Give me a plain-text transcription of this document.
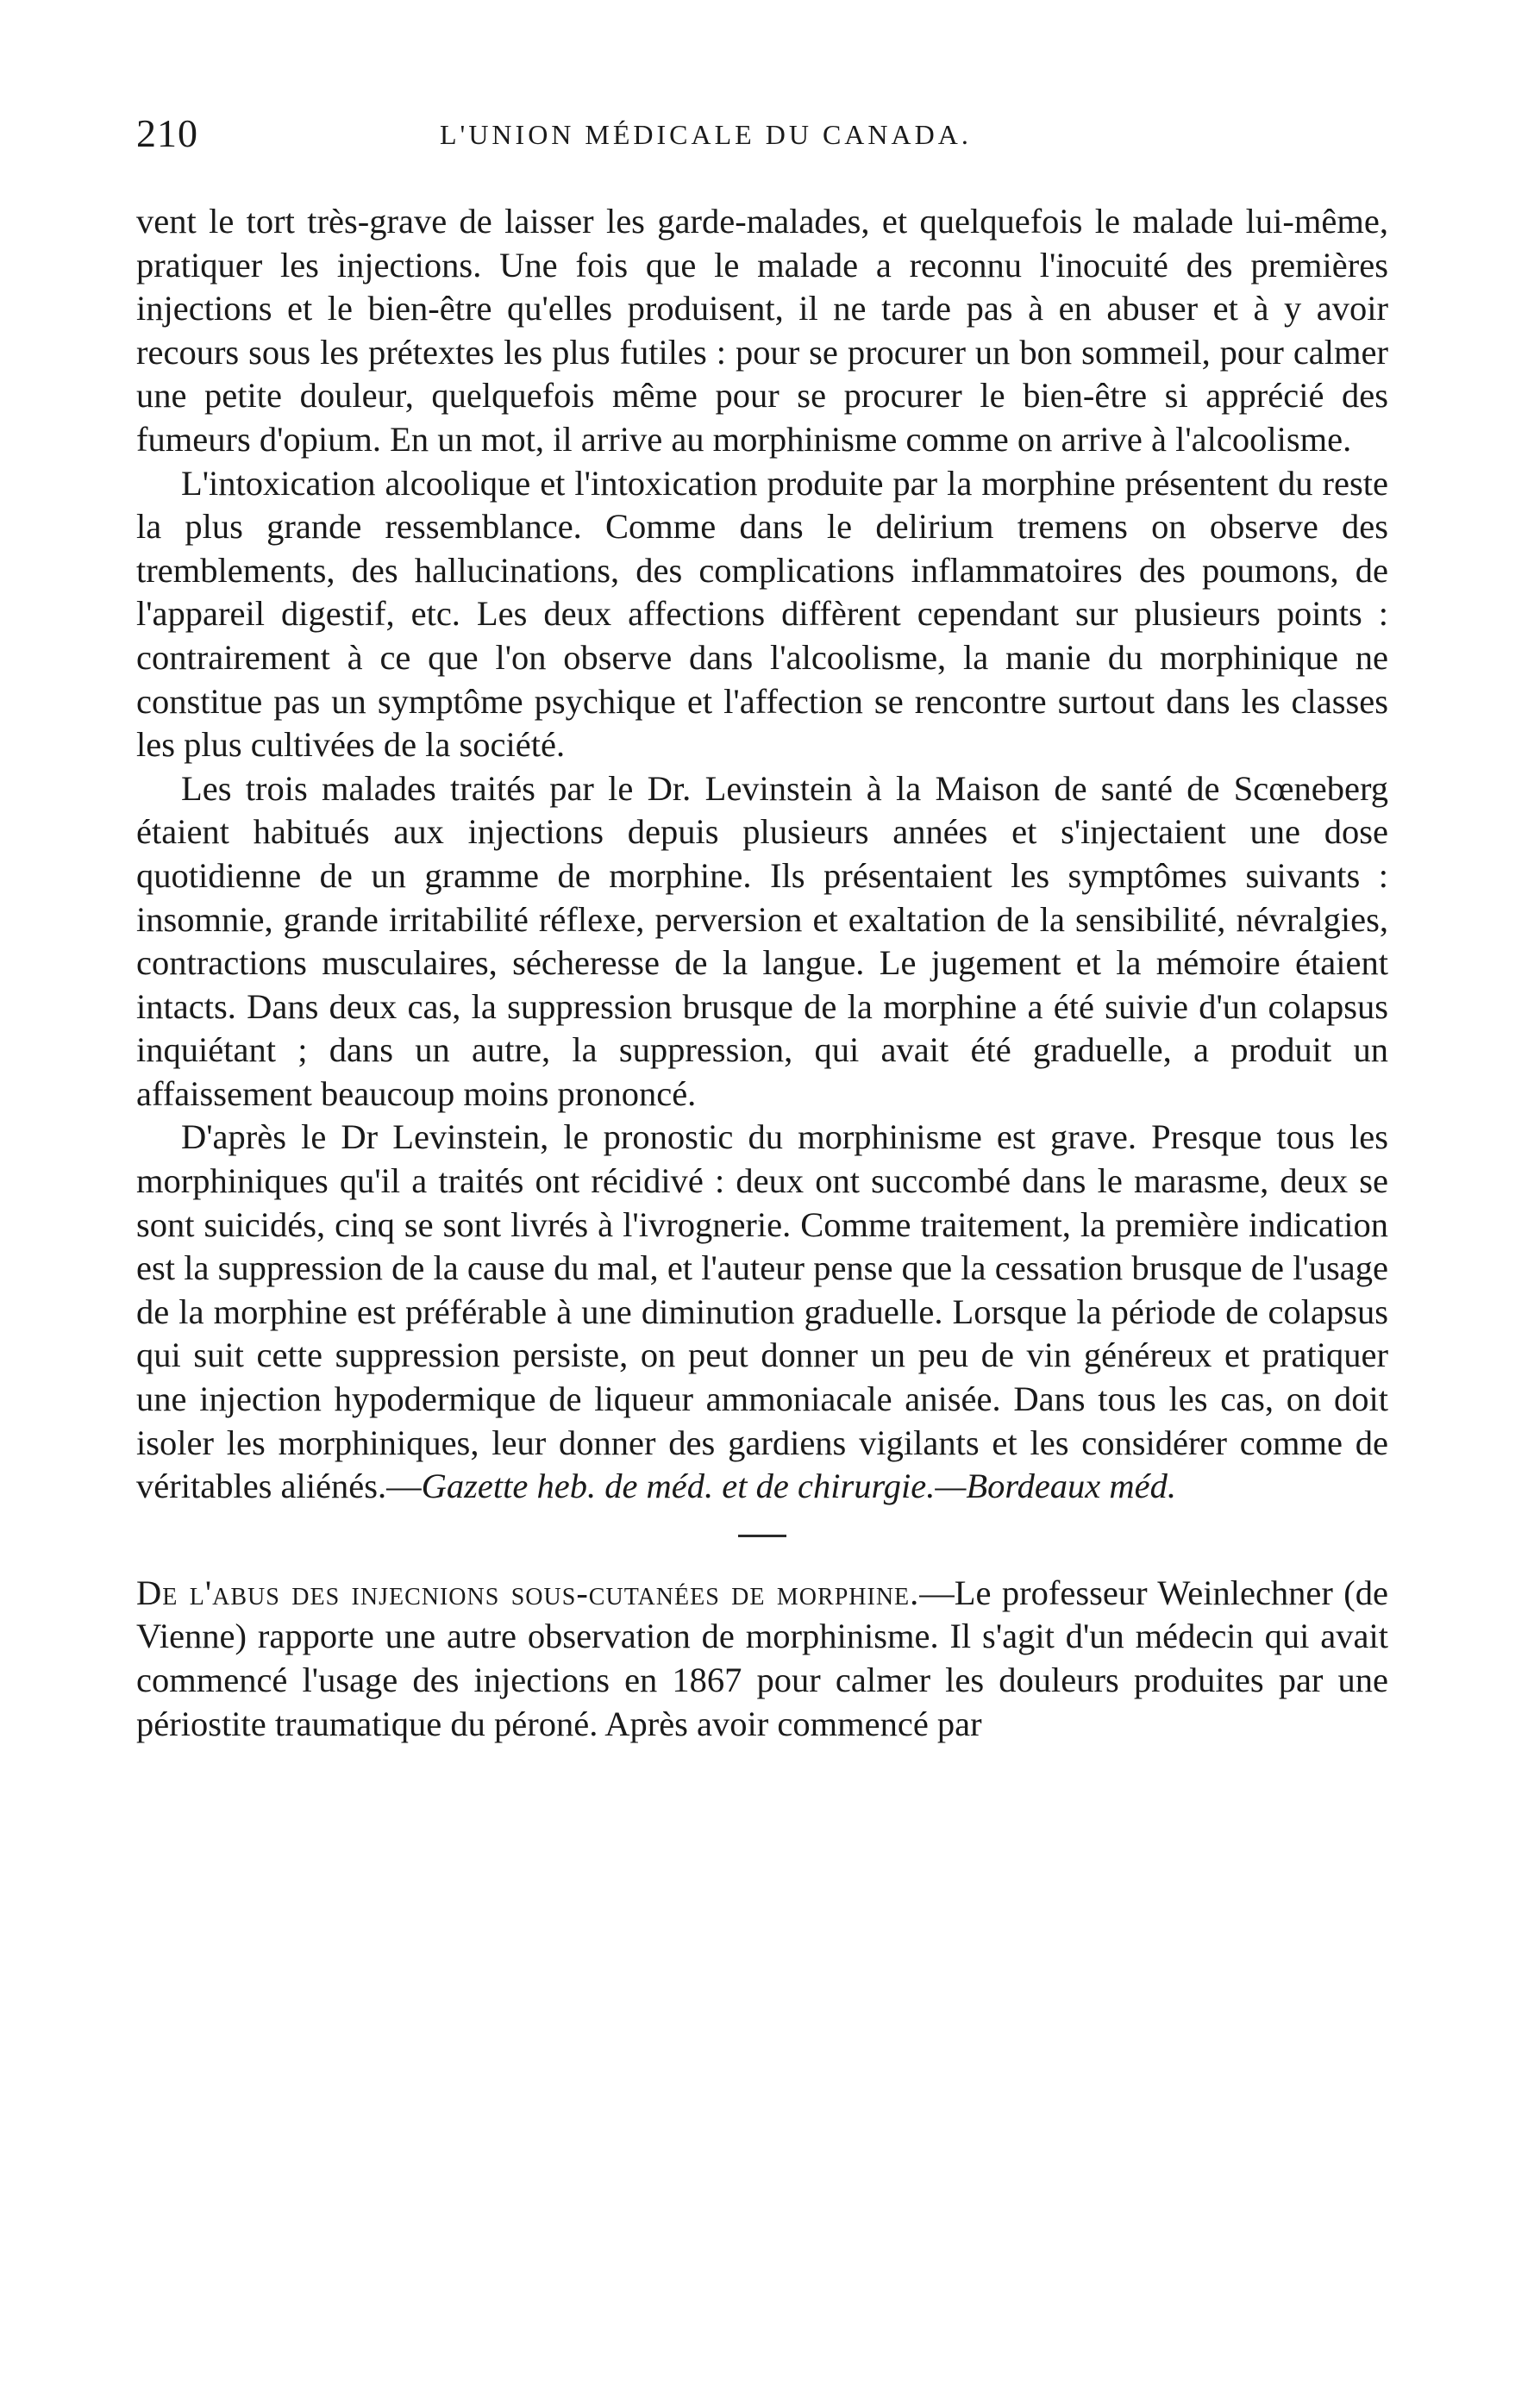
210	L'UNION MÉDICALE DU CANADA.

vent le tort très-grave de laisser les garde-malades, et quelquefois le malade lui-même, pratiquer les injections. Une fois que le malade a reconnu l'inocuité des premières injections et le bien-être qu'elles produisent, il ne tarde pas à en abuser et à y avoir recours sous les prétextes les plus futiles : pour se procurer un bon sommeil, pour calmer une petite douleur, quelquefois même pour se procurer le bien-être si apprécié des fumeurs d'opium. En un mot, il arrive au morphinisme comme on arrive à l'alcoolisme.

L'intoxication alcoolique et l'intoxication produite par la morphine présentent du reste la plus grande ressemblance. Comme dans le delirium tremens on observe des tremblements, des hallucinations, des complications inflammatoires des poumons, de l'appareil digestif, etc. Les deux affections diffèrent cependant sur plusieurs points : contrairement à ce que l'on observe dans l'alcoolisme, la manie du morphinique ne constitue pas un symptôme psychique et l'affection se rencontre surtout dans les classes les plus cultivées de la société.

Les trois malades traités par le Dr. Levinstein à la Maison de santé de Scœneberg étaient habitués aux injections depuis plusieurs années et s'injectaient une dose quotidienne de un gramme de morphine. Ils présentaient les symptômes suivants : insomnie, grande irritabilité réflexe, perversion et exaltation de la sensibilité, névralgies, contractions musculaires, sécheresse de la langue. Le jugement et la mémoire étaient intacts. Dans deux cas, la suppression brusque de la morphine a été suivie d'un colapsus inquiétant ; dans un autre, la suppression, qui avait été graduelle, a produit un affaissement beaucoup moins prononcé.

D'après le Dr Levinstein, le pronostic du morphinisme est grave. Presque tous les morphiniques qu'il a traités ont récidivé : deux ont succombé dans le marasme, deux se sont suicidés, cinq se sont livrés à l'ivrognerie. Comme traitement, la première indication est la suppression de la cause du mal, et l'auteur pense que la cessation brusque de l'usage de la morphine est préférable à une diminution graduelle. Lorsque la période de colapsus qui suit cette suppression persiste, on peut donner un peu de vin généreux et pratiquer une injection hypodermique de liqueur ammoniacale anisée. Dans tous les cas, on doit isoler les morphiniques, leur donner des gardiens vigilants et les considérer comme de véritables aliénés.—Gazette heb. de méd. et de chirurgie.—Bordeaux méd.

De l'abus des injecnions sous-cutanées de morphine.—Le professeur Weinlechner (de Vienne) rapporte une autre observation de morphinisme. Il s'agit d'un médecin qui avait commencé l'usage des injections en 1867 pour calmer les douleurs produites par une périostite traumatique du péroné. Après avoir commencé par
